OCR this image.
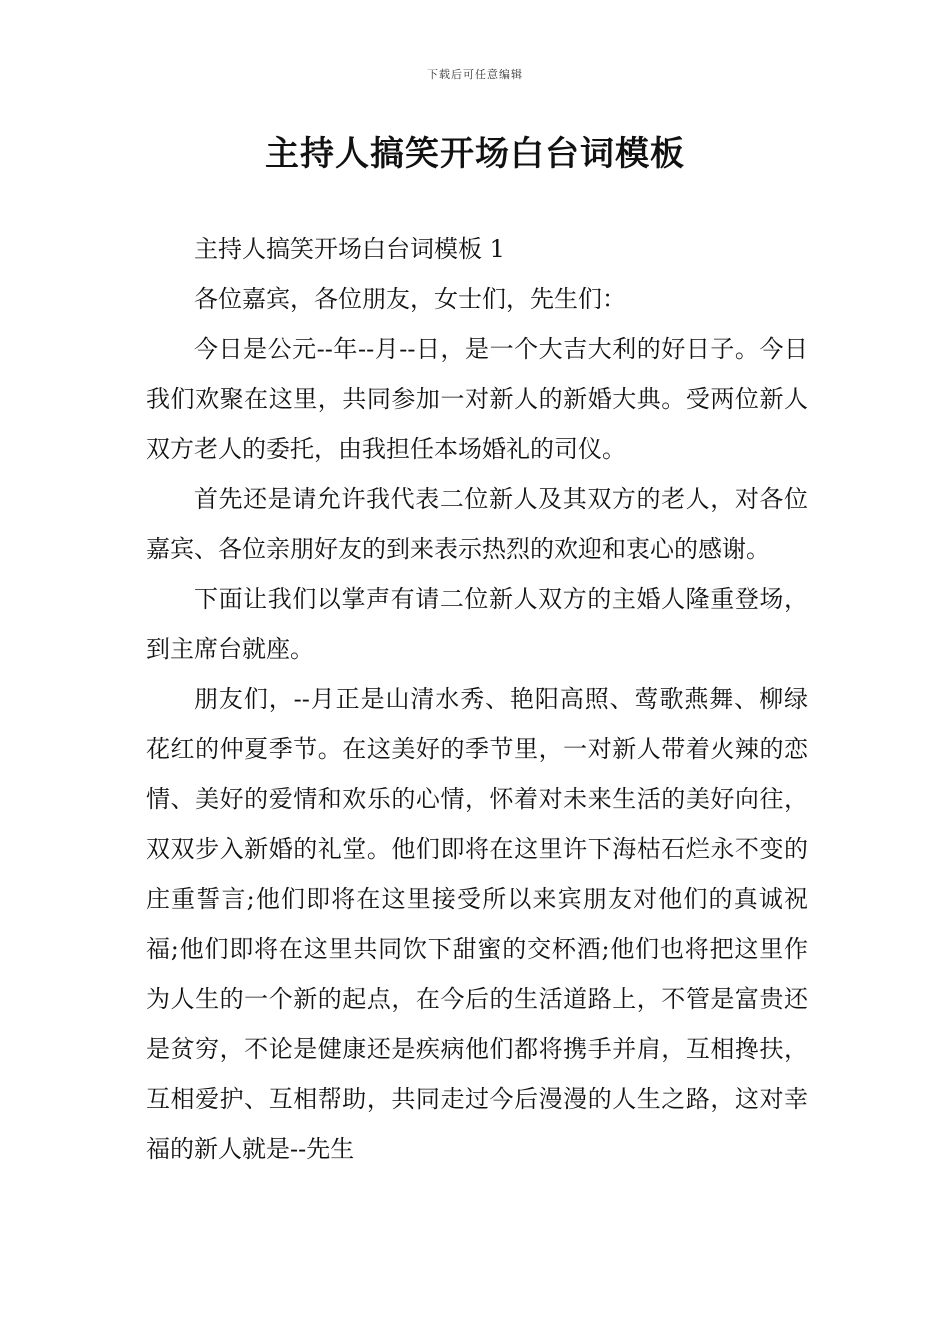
下载后可任意编辑
主持人搞笑开场白台词模板

主持人搞笑开场白台词模板 1

各位嘉宾，各位朋友，女士们，先生们：

今日是公元--年--月--日，是一个大吉大利的好日子。今日我们欢聚在这里，共同参加一对新人的新婚大典。受两位新人双方老人的委托，由我担任本场婚礼的司仪。

首先还是请允许我代表二位新人及其双方的老人，对各位嘉宾、各位亲朋好友的到来表示热烈的欢迎和衷心的感谢。

下面让我们以掌声有请二位新人双方的主婚人隆重登场，到主席台就座。

朋友们，--月正是山清水秀、艳阳高照、莺歌燕舞、柳绿花红的仲夏季节。在这美好的季节里，一对新人带着火辣的恋情、美好的爱情和欢乐的心情，怀着对未来生活的美好向往，双双步入新婚的礼堂。他们即将在这里许下海枯石烂永不变的庄重誓言;他们即将在这里接受所以来宾朋友对他们的真诚祝福;他们即将在这里共同饮下甜蜜的交杯酒;他们也将把这里作为人生的一个新的起点，在今后的生活道路上，不管是富贵还是贫穷，不论是健康还是疾病他们都将携手并肩，互相搀扶，互相爱护、互相帮助，共同走过今后漫漫的人生之路，这对幸福的新人就是--先生
